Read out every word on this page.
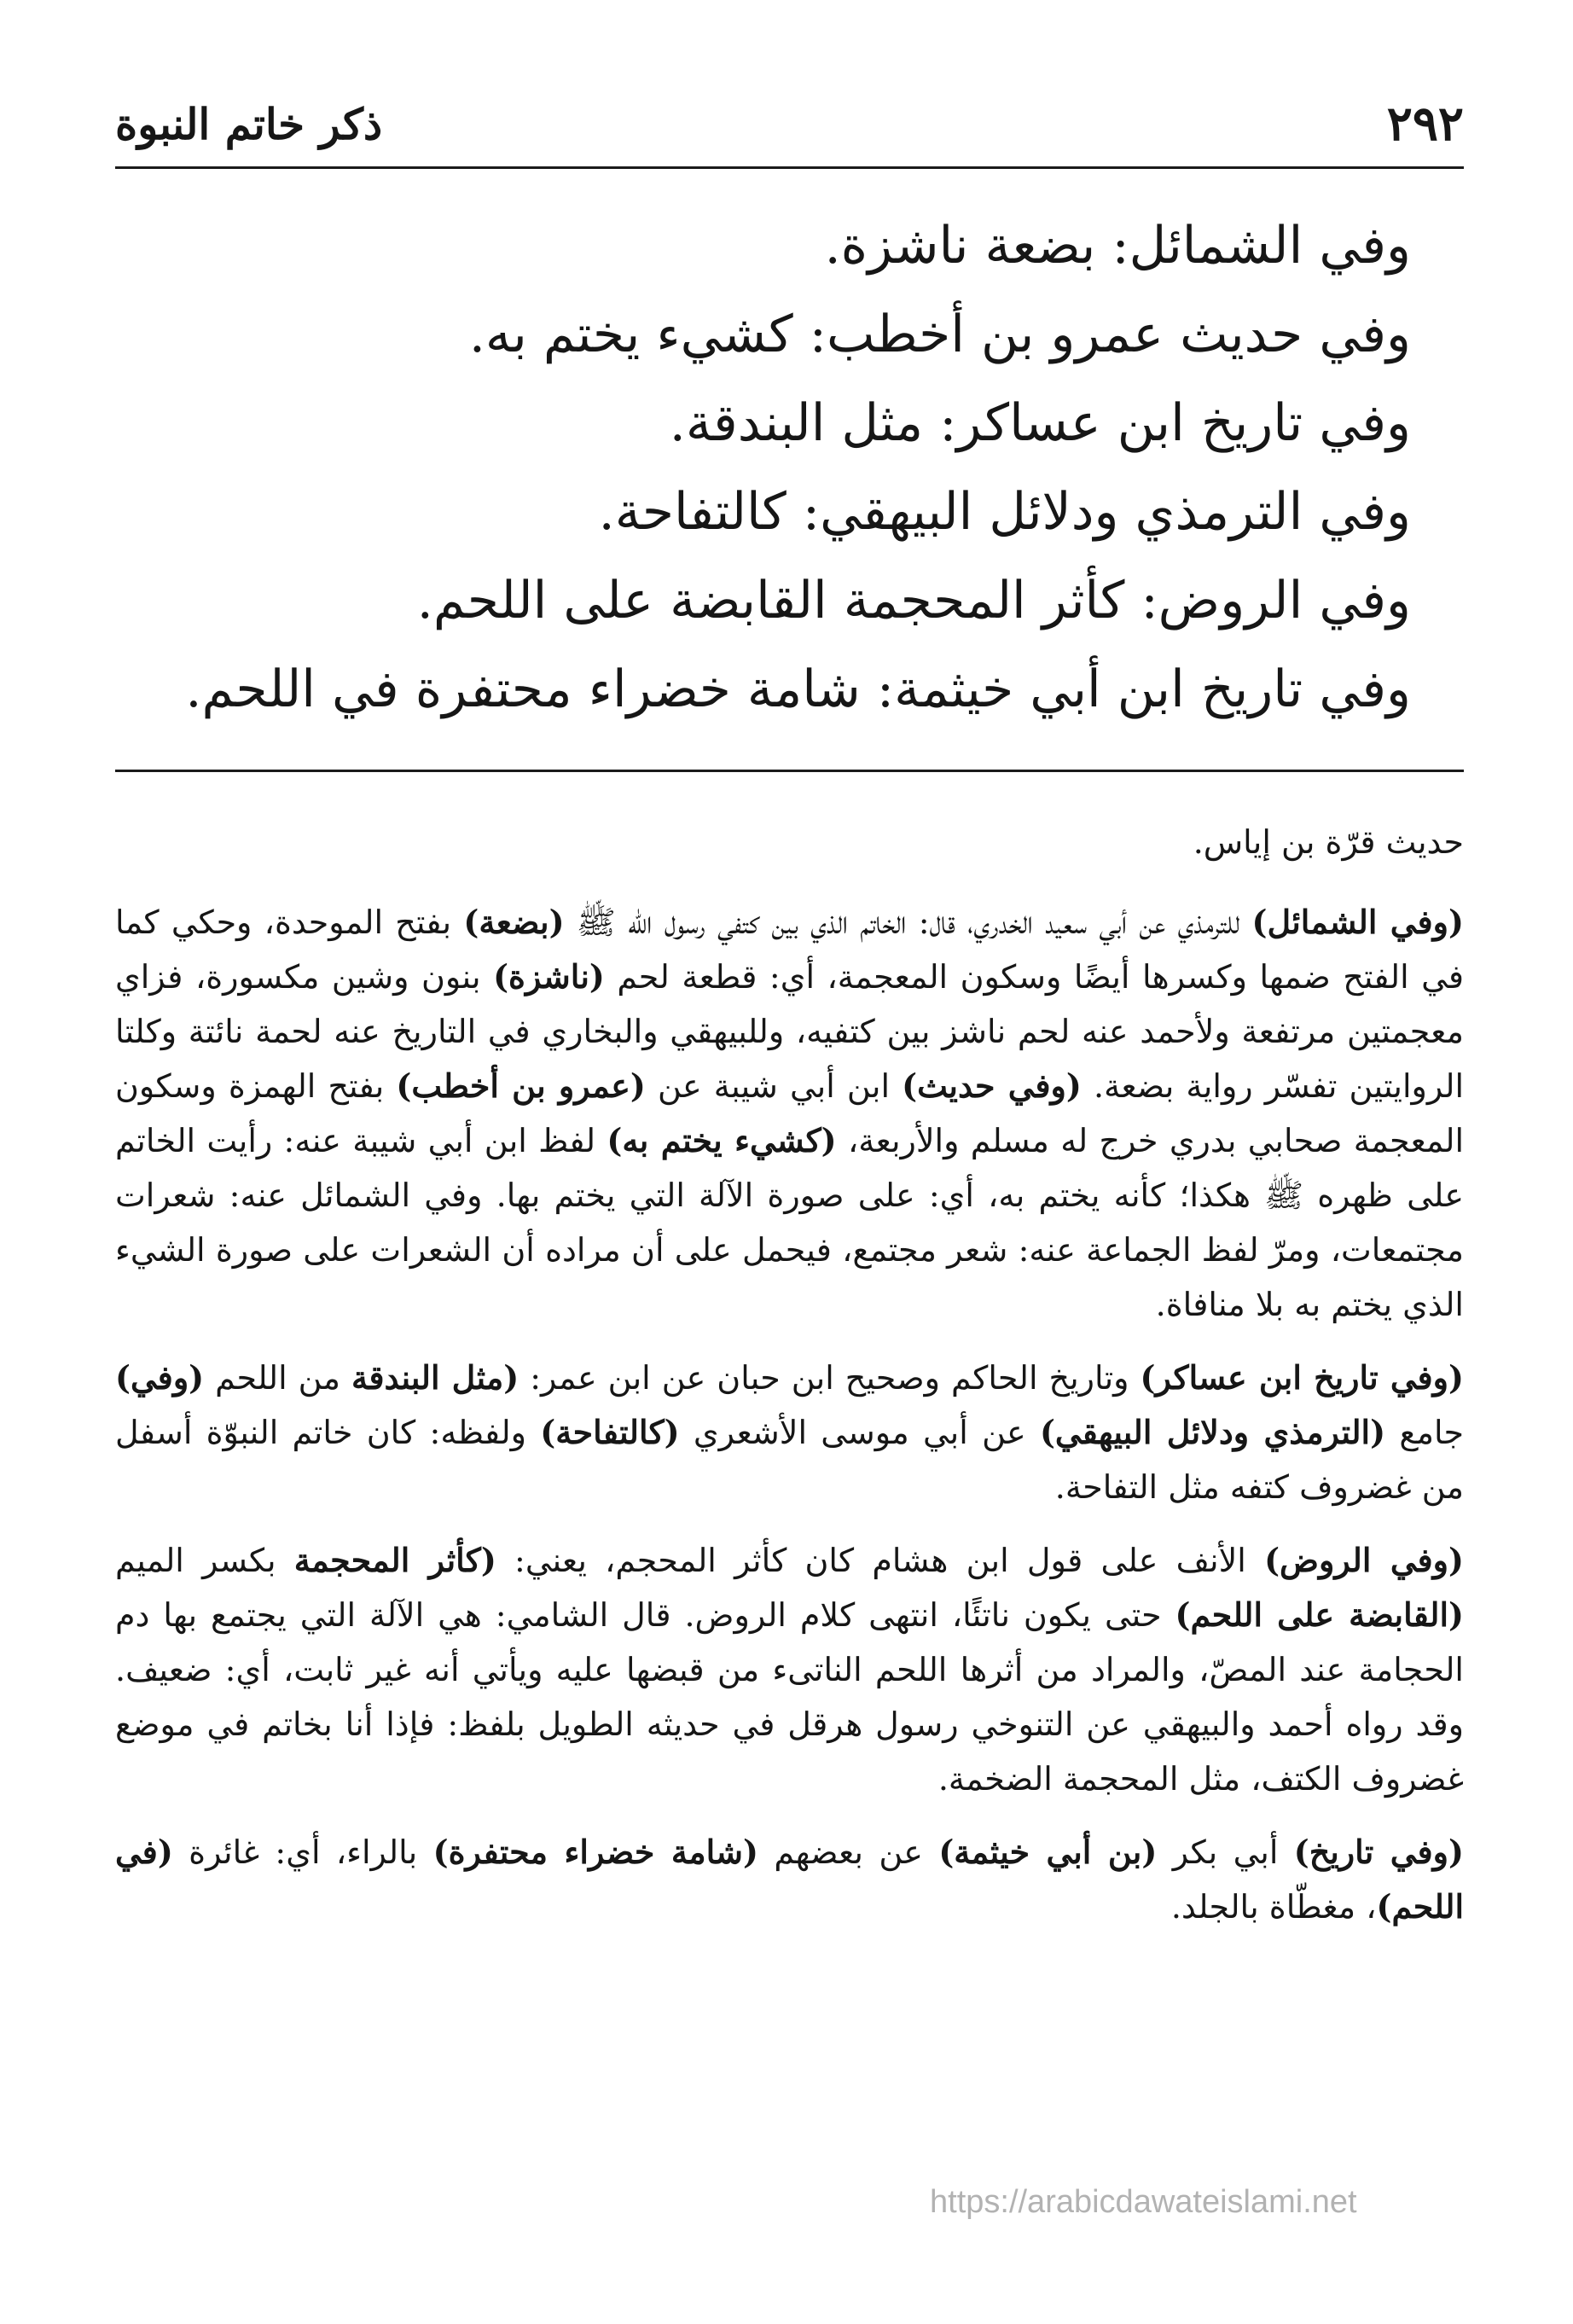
٢٩٢
ذكر خاتم النبوة
وفي الشمائل: بضعة ناشزة.
وفي حديث عمرو بن أخطب: كشيء يختم به.
وفي تاريخ ابن عساكر: مثل البندقة.
وفي الترمذي ودلائل البيهقي: كالتفاحة.
وفي الروض: كأثر المحجمة القابضة على اللحم.
وفي تاريخ ابن أبي خيثمة: شامة خضراء محتفرة في اللحم.

حديث قرّة بن إياس.

(وفي الشمائل) للترمذي عن أبي سعيد الخدري، قال: الخاتم الذي بين كتفي رسول الله ﷺ (بضعة) بفتح الموحدة، وحكي كما في الفتح ضمها وكسرها أيضًا وسكون المعجمة، أي: قطعة لحم (ناشزة) بنون وشين مكسورة، فزاي معجمتين مرتفعة ولأحمد عنه لحم ناشز بين كتفيه، وللبيهقي والبخاري في التاريخ عنه لحمة نائتة وكلتا الروايتين تفسّر رواية بضعة. (وفي حديث) ابن أبي شيبة عن (عمرو بن أخطب) بفتح الهمزة وسكون المعجمة صحابي بدري خرج له مسلم والأربعة، (كشيء يختم به) لفظ ابن أبي شيبة عنه: رأيت الخاتم على ظهره ﷺ هكذا؛ كأنه يختم به، أي: على صورة الآلة التي يختم بها. وفي الشمائل عنه: شعرات مجتمعات، ومرّ لفظ الجماعة عنه: شعر مجتمع، فيحمل على أن مراده أن الشعرات على صورة الشيء الذي يختم به بلا منافاة.

(وفي تاريخ ابن عساكر) وتاريخ الحاكم وصحيح ابن حبان عن ابن عمر: (مثل البندقة من اللحم (وفي) جامع (الترمذي ودلائل البيهقي) عن أبي موسى الأشعري (كالتفاحة) ولفظه: كان خاتم النبوّة أسفل من غضروف كتفه مثل التفاحة.

(وفي الروض) الأنف على قول ابن هشام كان كأثر المحجم، يعني: (كأثر المحجمة بكسر الميم (القابضة على اللحم) حتى يكون ناتئًا، انتهى كلام الروض. قال الشامي: هي الآلة التي يجتمع بها دم الحجامة عند المصّ، والمراد من أثرها اللحم الناتىء من قبضها عليه ويأتي أنه غير ثابت، أي: ضعيف. وقد رواه أحمد والبيهقي عن التنوخي رسول هرقل في حديثه الطويل بلفظ: فإذا أنا بخاتم في موضع غضروف الكتف، مثل المحجمة الضخمة.

(وفي تاريخ) أبي بكر (بن أبي خيثمة) عن بعضهم (شامة خضراء محتفرة) بالراء، أي: غائرة (في اللحم)، مغطّاة بالجلد.

https://arabicdawateislami.net
